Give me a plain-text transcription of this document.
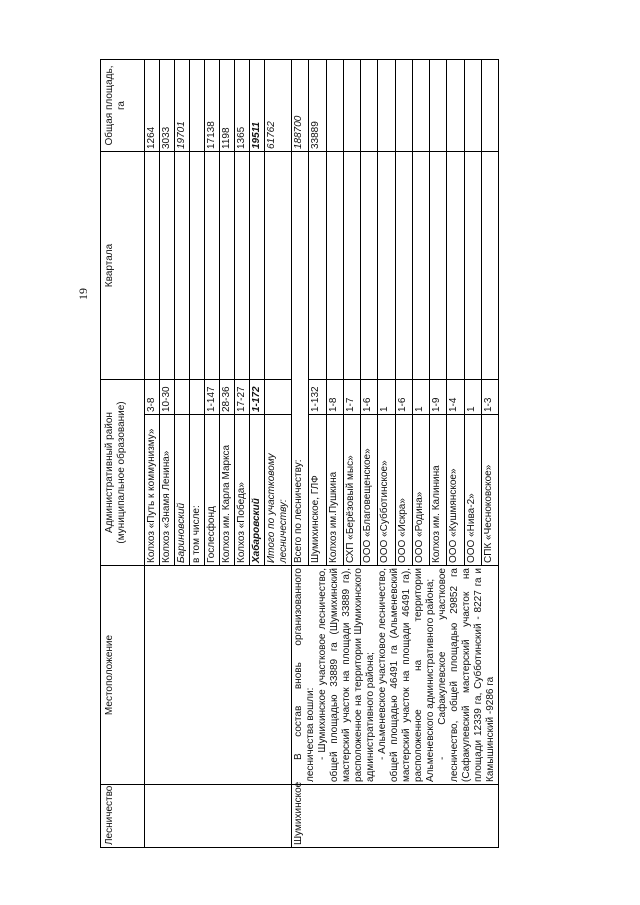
19
Лесничество	Местоположение	Административный район (муниципальное образование)		Квартала	Общая площадь, га
		Колхоз «Путь к коммунизму»	3-8		1264
		Колхоз «Знамя Ленина»	10-30		3033
		Бариновский			19701
		в том числе:			
		Гослесфонд	1-147		17138
		Колхоз им. Карла Маркса	28-36		1198
		Колхоз «Победа»	17-27		1365
		Хабаровский	1-172		19511
		Итого по участковому лесничеству:			61762
Шумихинское	В состав вновь организованного лесничества вошли: - Шумихинское участковое лесничество, общей площадью 33889 га (Шумихинский мастерский участок на площади 33889 га), расположенное на территории Шумихинского административного района; - Альменевское участковое лесничество, общей площадью 46491 га (Альменевский мастерский участок на площади 46491 га), расположенное на территории Альменевского административного района; - Сафакулевское участковое лесничество, общей площадью 29852 га (Сафакулевский мастерский участок на площади 12339 га, Субботинский - 8227 га и Камышинский -9286 га	Всего по лесничеству:			188700
		Шумихинское, ГЛФ	1-132		33889
		Колхоз им.Пушкина	1-8		
		СХП «Берёзовый мыс»	1-7		
		ООО «Благовещенское»	1-6		
		ООО «Субботинское»	1		
		ООО «Искра»	1-6		
		ООО «Родина»	1		
		Колхоз им. Калинина	1-9		
		ООО «Кушмянское»	1-4		
		ООО «Нива-2»	1		
		СПК «Чесноковское»	1-3		
